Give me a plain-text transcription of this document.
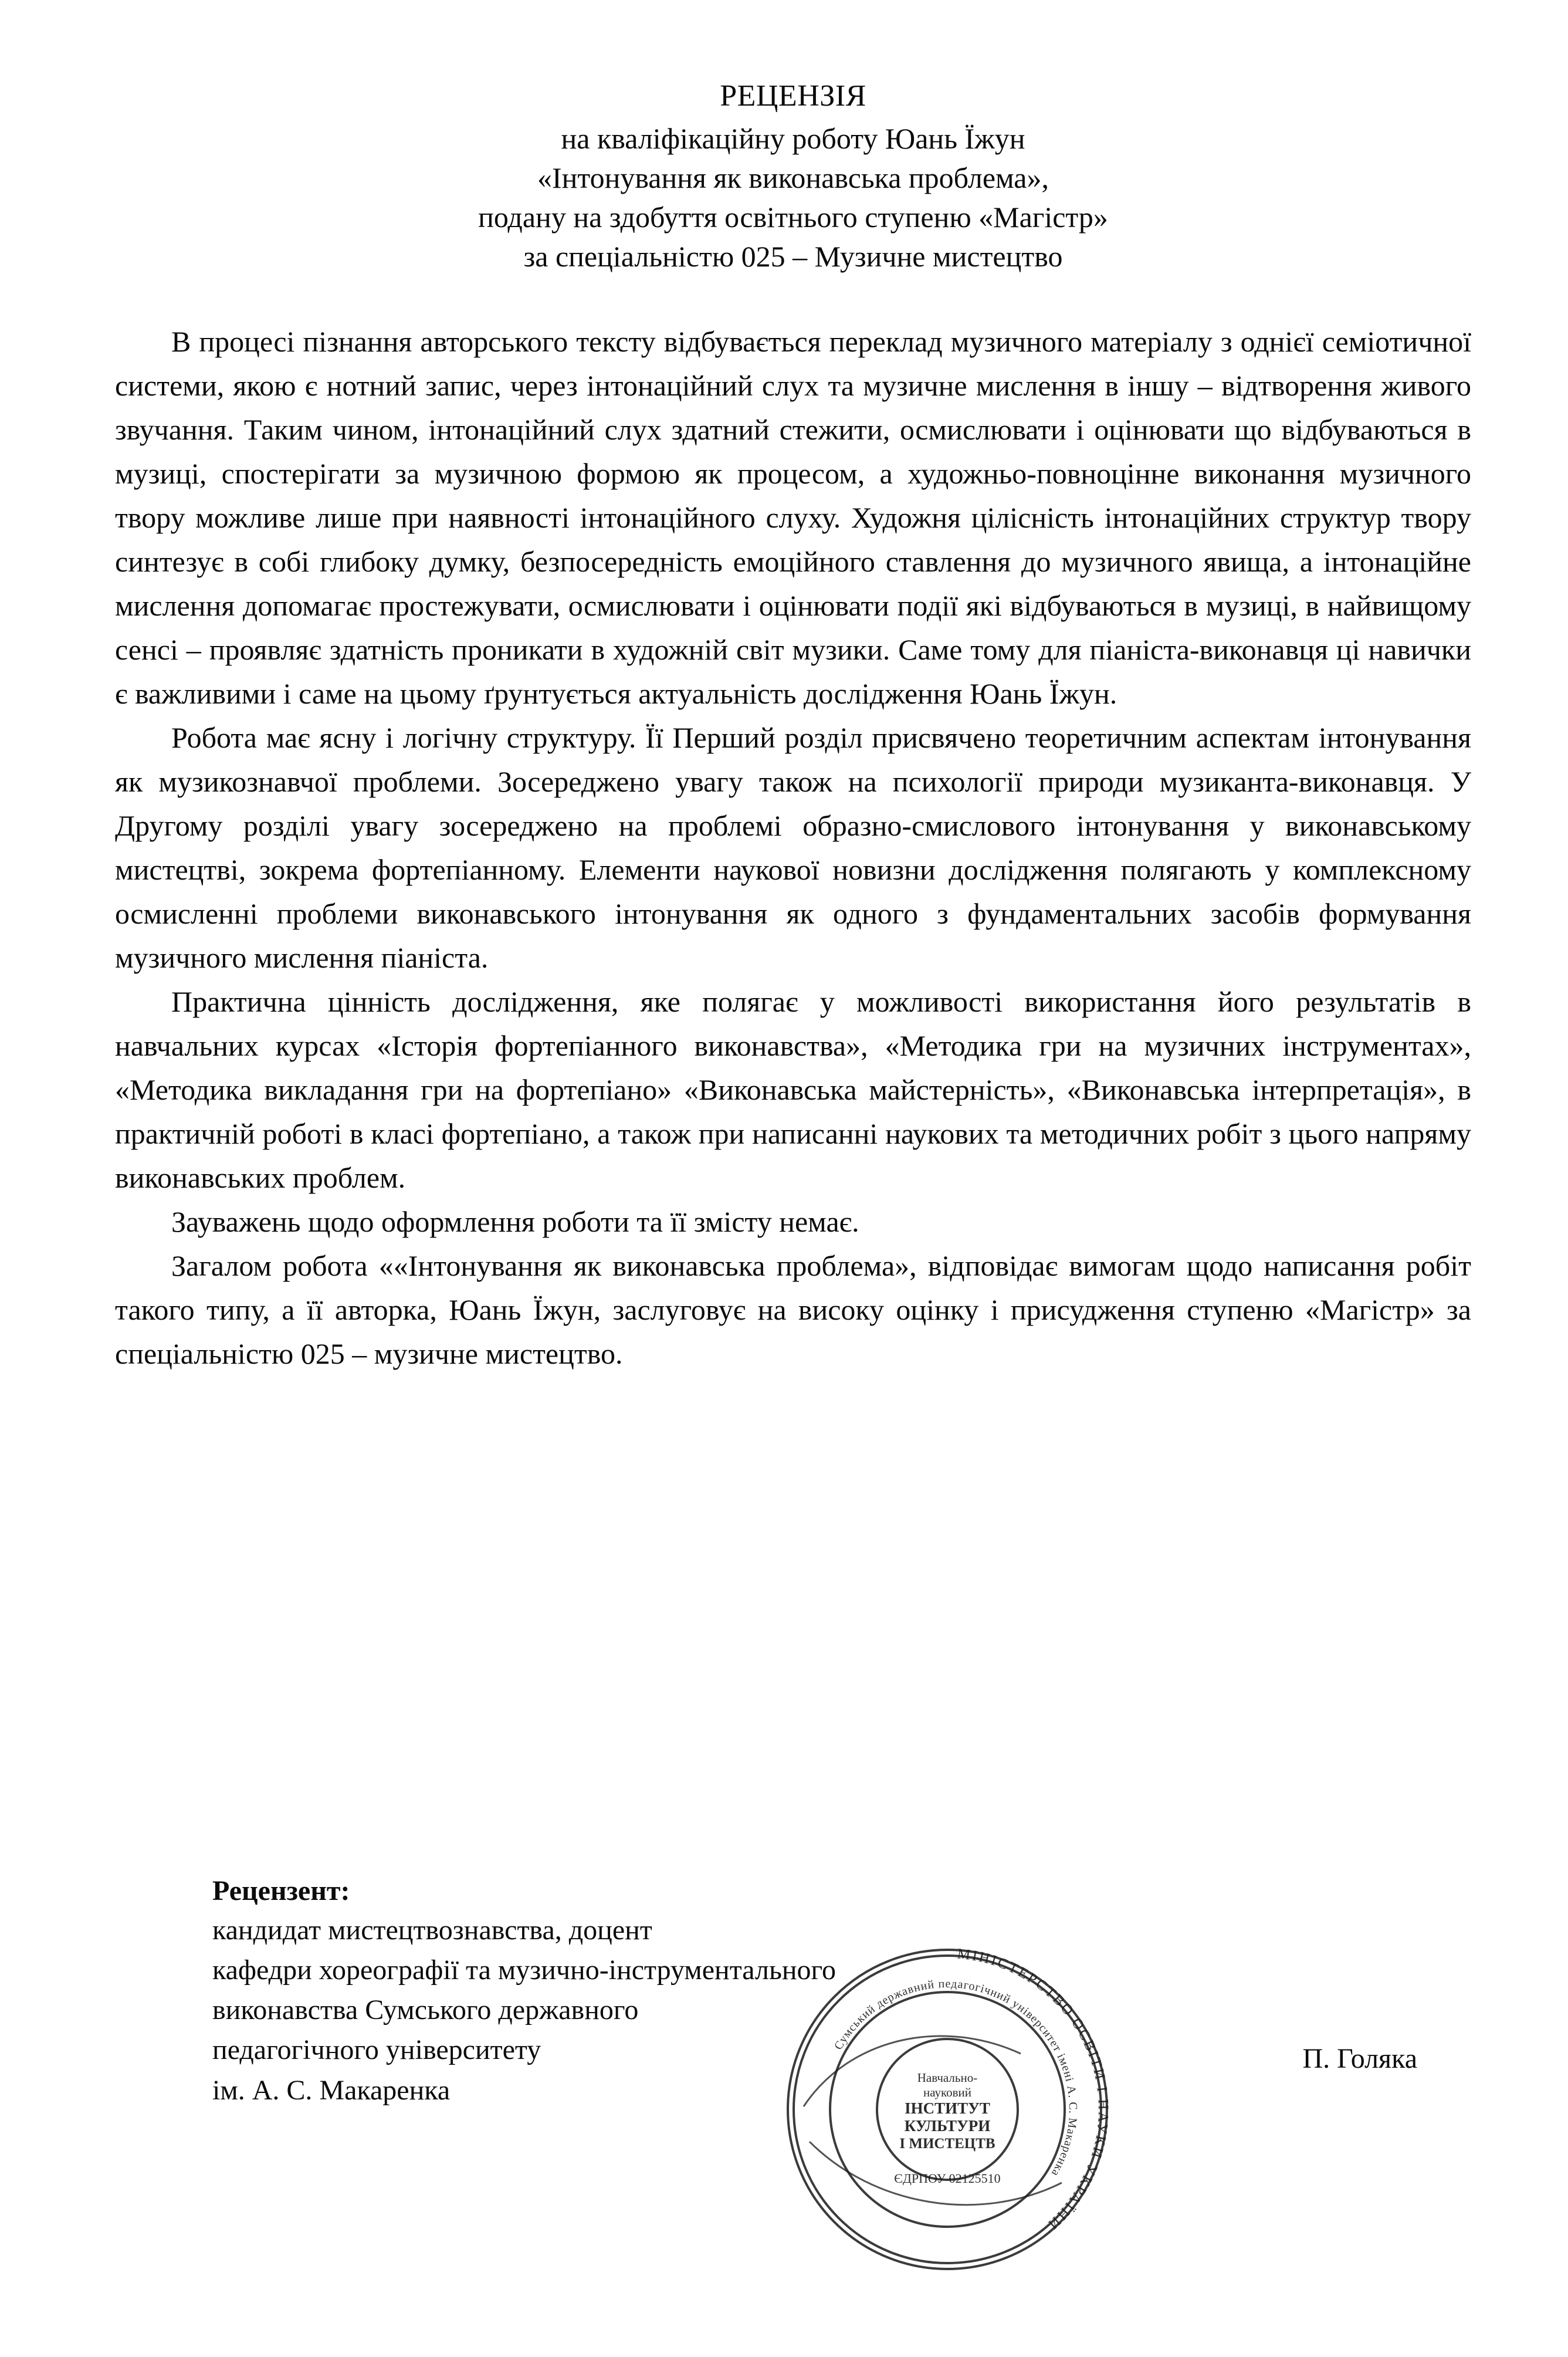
РЕЦЕНЗІЯ
на кваліфікаційну роботу Юань Їжун
«Інтонування як виконавська проблема»,
подану на здобуття освітнього ступеню «Магістр»
за спеціальністю 025 – Музичне мистецтво

В процесі пізнання авторського тексту відбувається переклад музичного матеріалу з однієї семіотичної системи, якою є нотний запис, через інтонаційний слух та музичне мислення в іншу – відтворення живого звучання. Таким чином, інтонаційний слух здатний стежити, осмислювати і оцінювати що відбуваються в музиці, спостерігати за музичною формою як процесом, а художньо-повноцінне виконання музичного твору можливе лише при наявності інтонаційного слуху. Художня цілісність інтонаційних структур твору синтезує в собі глибоку думку, безпосередність емоційного ставлення до музичного явища, а інтонаційне мислення допомагає простежувати, осмислювати і оцінювати події які відбуваються в музиці, в найвищому сенсі – проявляє здатність проникати в художній світ музики. Саме тому для піаніста-виконавця ці навички є важливими і саме на цьому ґрунтується актуальність дослідження Юань Їжун.

Робота має ясну і логічну структуру. Її Перший розділ присвячено теоретичним аспектам інтонування як музикознавчої проблеми. Зосереджено увагу також на психології природи музиканта-виконавця. У Другому розділі увагу зосереджено на проблемі образно-смислового інтонування у виконавському мистецтві, зокрема фортепіанному. Елементи наукової новизни дослідження полягають у комплексному осмисленні проблеми виконавського інтонування як одного з фундаментальних засобів формування музичного мислення піаніста.

Практична цінність дослідження, яке полягає у можливості використання його результатів в навчальних курсах «Історія фортепіанного виконавства», «Методика гри на музичних інструментах», «Методика викладання гри на фортепіано» «Виконавська майстерність», «Виконавська інтерпретація», в практичній роботі в класі фортепіано, а також при написанні наукових та методичних робіт з цього напряму виконавських проблем.

Зауважень щодо оформлення роботи та її змісту немає.

Загалом робота ««Інтонування як виконавська проблема», відповідає вимогам щодо написання робіт такого типу, а її авторка, Юань Їжун, заслуговує на високу оцінку і присудження ступеню «Магістр» за спеціальністю 025 – музичне мистецтво.

Рецензент:
кандидат мистецтвознавства, доцент
кафедри хореографії та музично-інструментального
виконавства Сумського державного
педагогічного університету
ім. А. С. Макаренка
П. Голяка
МІНІСТЕРСТВО ОСВІТИ І НАУКИ УКРАЇНИ
Сумський державний педагогічний університет імені А. С. Макаренка
Навчально-
науковий
ІНСТИТУТ
КУЛЬТУРИ
І МИСТЕЦТВ
ЄДРПОУ 02125510
